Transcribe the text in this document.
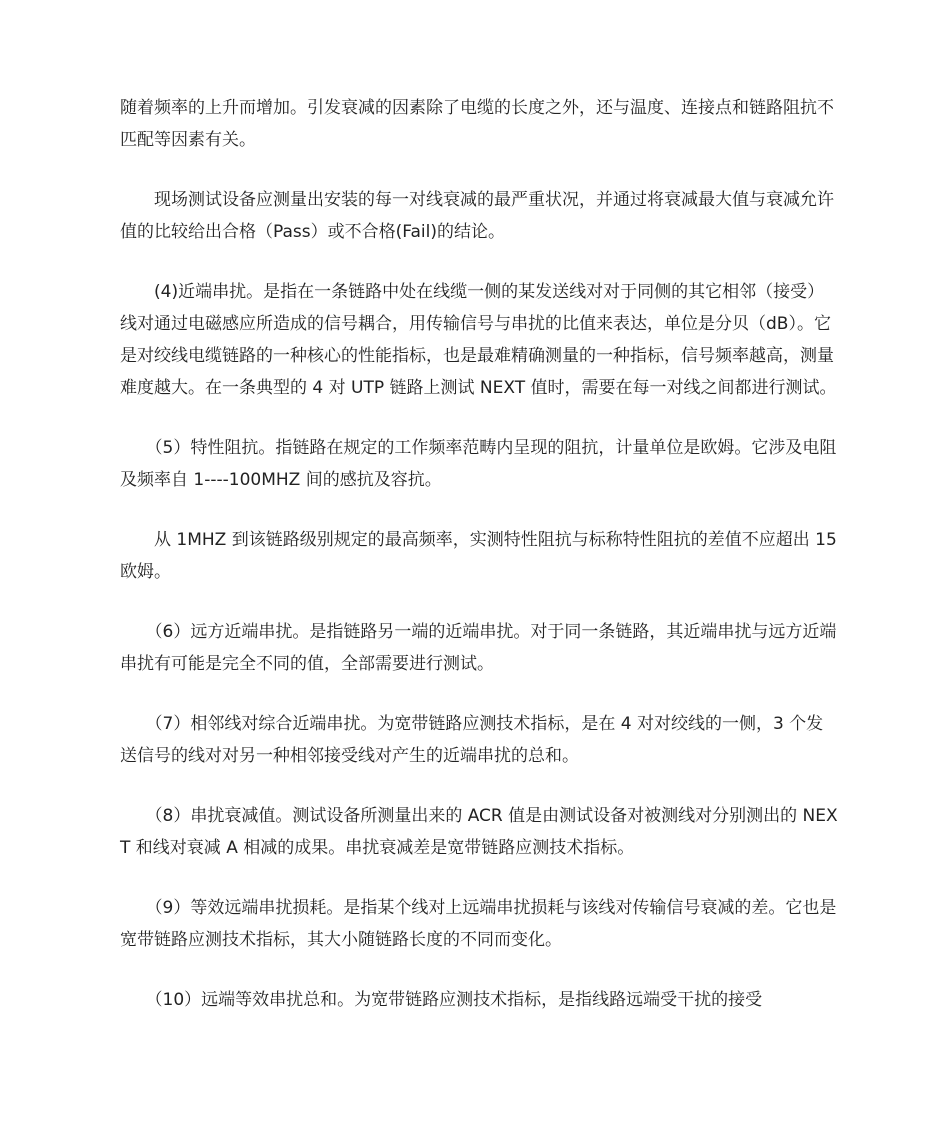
随着频率的上升而增加。引发衰减的因素除了电缆的长度之外，还与温度、连接点和链路阻抗不匹配等因素有关。

　　现场测试设备应测量出安装的每一对线衰减的最严重状况，并通过将衰减最大值与衰减允许值的比较给出合格（Pass）或不合格(Fail)的结论。

　　(4)近端串扰。是指在一条链路中处在线缆一侧的某发送线对对于同侧的其它相邻（接受）线对通过电磁感应所造成的信号耦合，用传输信号与串扰的比值来表达，单位是分贝（dB）。它是对绞线电缆链路的一种核心的性能指标，也是最难精确测量的一种指标，信号频率越高，测量难度越大。在一条典型的 4 对 UTP 链路上测试 NEXT 值时，需要在每一对线之间都进行测试。

　　（5）特性阻抗。指链路在规定的工作频率范畴内呈现的阻抗，计量单位是欧姆。它涉及电阻及频率自 1----100MHZ 间的感抗及容抗。

　　从 1MHZ 到该链路级别规定的最高频率，实测特性阻抗与标称特性阻抗的差值不应超出 15 欧姆。

　　（6）远方近端串扰。是指链路另一端的近端串扰。对于同一条链路，其近端串扰与远方近端串扰有可能是完全不同的值，全部需要进行测试。

　　（7）相邻线对综合近端串扰。为宽带链路应测技术指标，是在 4 对对绞线的一侧，3 个发送信号的线对对另一种相邻接受线对产生的近端串扰的总和。

　　（8）串扰衰减值。测试设备所测量出来的 ACR 值是由测试设备对被测线对分别测出的 NEXT 和线对衰减 A 相减的成果。串扰衰减差是宽带链路应测技术指标。

　　（9）等效远端串扰损耗。是指某个线对上远端串扰损耗与该线对传输信号衰减的差。它也是宽带链路应测技术指标，其大小随链路长度的不同而变化。

　　（10）远端等效串扰总和。为宽带链路应测技术指标，是指线路远端受干扰的接受
